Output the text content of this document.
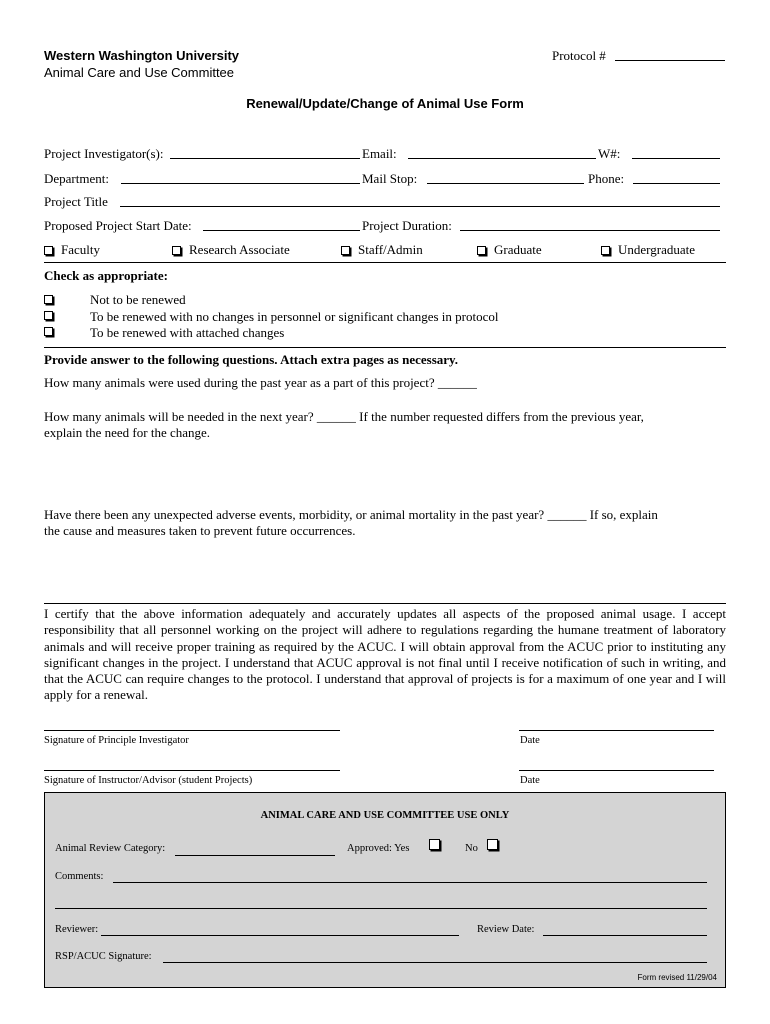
Western Washington University
Animal Care and Use Committee
Protocol #
Renewal/Update/Change of Animal Use Form
Project Investigator(s):	Email:	W#:
Department:	Mail Stop:	Phone:
Project Title
Proposed Project Start Date:	Project Duration:
Faculty	Research Associate	Staff/Admin	Graduate	Undergraduate
Check as appropriate:
Not to be renewed
To be renewed with no changes in personnel or significant changes in protocol
To be renewed with attached changes
Provide answer to the following questions. Attach extra pages as necessary.
How many animals were used during the past year as a part of this project? ______
How many animals will be needed in the next year? ______ If the number requested differs from the previous year,
explain the need for the change.
Have there been any unexpected adverse events, morbidity, or animal mortality in the past year? ______ If so, explain
the cause and measures taken to prevent future occurrences.
I certify that the above information adequately and accurately updates all aspects of the proposed animal usage. I accept responsibility that all personnel working on the project will adhere to regulations regarding the humane treatment of laboratory animals and will receive proper training as required by the ACUC. I will obtain approval from the ACUC prior to instituting any significant changes in the project. I understand that ACUC approval is not final until I receive notification of such in writing, and that the ACUC can require changes to the protocol. I understand that approval of projects is for a maximum of one year and I will apply for a renewal.
Signature of Principle Investigator	Date
Signature of Instructor/Advisor (student Projects)	Date
ANIMAL CARE AND USE COMMITTEE USE ONLY
Animal Review Category:	Approved: Yes	No
Comments:
Reviewer:	Review Date:
RSP/ACUC Signature:
Form revised 11/29/04
